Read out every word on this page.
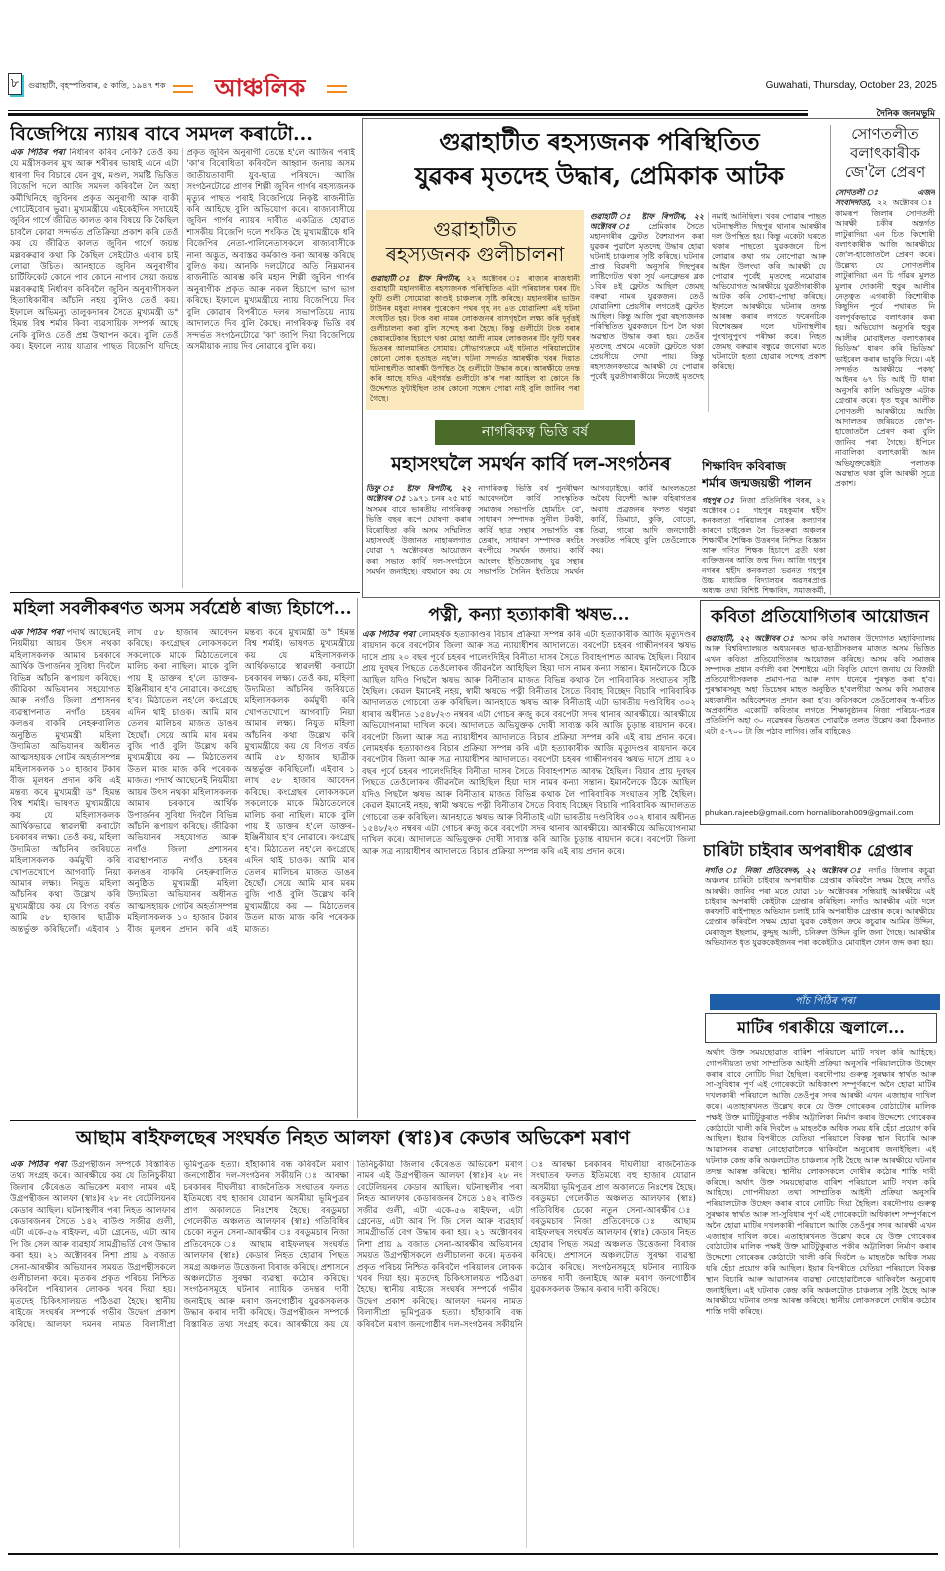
৮	গুৱাহাটী, বৃহস্পতিবাৰ, ৫ কাতি, ১৯৪৭ শক	আঞ্চলিক	Guwahati, Thursday, October 23, 2025
দৈনিক জনমভূমি
বিজেপিয়ে ন্যায়ৰ বাবে সমদল কৰাটো...
এক পিঠিৰ পৰা নিৰ্ধাৰণ কৰিব নেকি? তেওঁ কয় যে মন্ত্ৰীসকলৰ মুখ আৰু শৰীৰৰ ভাষাই এনে এটা ধাৰণা দিব বিচাৰে যেন বুথ, মণ্ডল, সমষ্টি ভিত্তিত বিজেপি দলে আজি সমদল কৰিবলৈ লৈ অহা কৰ্মীখিনিহে জুবিনৰ প্ৰকৃত অনুৰাগী আৰু বাকী গোটেইবোৰ ভুৱা। মুখ্যমন্ত্ৰীয়ে এইকেইদিন সদায়েই জুবিন গাৰ্গে জীৱিত কালত কাৰ বিষয়ে কি কৈছিল চাবলৈ কোৱা সন্দৰ্ভত প্ৰতিক্ৰিয়া প্ৰকাশ কৰি তেওঁ কয় যে জীৱিত কালত জুবিন গাৰ্গে জয়ন্ত মল্লবৰুৱাৰ কথা কি কৈছিল সেইটোও এবাৰ চাই লোৱা উচিত। আনহাতে জুবিন অনুৰাগীৰ চাৰ্টিফিকেট কোনে পাব কোনে নাপাব সেয়া জয়ন্ত মল্লবৰুৱাই নিৰ্ধাৰণ কৰিবলৈ জুবিন অনুৰাগীসকল হিতাধিকাৰীৰ আঁচনি নহয় বুলিও তেওঁ কয়। ইফালে অভিমন্যু তালুকদাৰৰ সৈতে মুখ্যমন্ত্ৰী ড° হিমন্ত বিশ্ব শৰ্মাৰ কিবা ব্যৱসায়িক সম্পৰ্ক আছে নেকি বুলিও তেওঁ প্ৰশ্ন উত্থাপন কৰে। বুলি তেওঁ কয়। ইফালে ন্যায় যাত্ৰাৰ পাছত বিজেপি যদিহে প্ৰকৃত জুবিন অনুৰাগী তেন্তে হ'লে আজিৰ পৰাই 'কা'ৰ বিৰোধিতা কৰিবলৈ আহ্বান জনায় অসম জাতীয়তাবাদী যুব-ছাত্ৰ পৰিষদে। আজি সংগঠনটোৱে প্ৰাণৰ শিল্পী জুবিন গাৰ্গৰ ৰহস্যজনক মৃত্যুৰ পাছত পৰাই বিজেপিয়ে নিকৃষ্ট ৰাজনীতি কৰি আহিছে বুলি অভিযোগ কৰে। ৰাজ্যবাসীয়ে জুবিন গাৰ্গৰ ন্যায়ৰ দাবীত একত্ৰিত হোৱাত শাসকীয় বিজেপি দলে শংকিত হৈ মুখ্যমন্ত্ৰীকে ধৰি বিজেপিৰ নেতা-পালিনেতাসকলে ৰাজ্যবাসীকে নানা অদ্ভুত, অবাস্তৱ কৰ্মকাণ্ড কৰা আৰম্ভ কৰিছে বুলিও কয়। আনকি দলটোৱে অতি নিম্নমানৰ ৰাজনীতি আৰম্ভ কৰি মহান শিল্পী জুবিন গাৰ্গৰ অনুৰাগীক প্ৰকৃত আৰু নকল হিচাপে ভাগ ভাগ কৰিছে। ইফালে মুখ্যমন্ত্ৰীয়ে ন্যায় বিজেপিয়ে দিব বুলি কোৱাৰ বিপৰীতে দলৰ সভাপতিয়ে ন্যায় আদালতে দিব বুলি কৈছে। নাগৰিকত্ব ভিত্তি বৰ্ষ সন্দৰ্ভত সংগঠনটোৱে 'কা' জাপি দিয়া বিজেপিয়ে অসমীয়াক ন্যায় দিব নোৱাৰে বুলি কয়।
গুৱাহাটীত ৰহস্যজনক পৰিস্থিতিত
যুৱকৰ মৃতদেহ উদ্ধাৰ, প্ৰেমিকাক আটক
গুৱাহাটীত
ৰহস্যজনক গুলীচালনা
গুৱাহাটী ঃ ষ্টাফ ৰিপৰ্টাৰ, ২২ অক্টোবৰ ঃ ৰাজ্যৰ ৰাজধানী গুৱাহাটী মহানগৰীত ৰহস্যজনক পৰিস্থিতিত এটা পৰিয়ালৰ ঘৰৰ টিং ফুটি গুলী সোমোৱা কাণ্ডই চাঞ্চল্যৰ সৃষ্টি কৰিছে। মহানগৰীৰ ভাউন টাউনৰ মধুৱা নগৰৰ পুৰেকেণ পথৰ গৃহ নং ৪ত যোৱানিশা এই ঘটনা সংঘটিত হয়। টংক বৰা নামৰ লোকজনৰ বাসগৃহলৈ লক্ষ্য কৰি দুৰ্বৃত্তই গুলীচালনা কৰা বুলি সন্দেহ কৰা হৈছে। কিন্তু গুলীটো টংক বৰাৰ কেয়াৰটেকাৰ হিচাপে থকা মোহা আলী নামৰ লোকজনৰ টিং ফুটি ঘৰৰ ভিতৰৰ আলমাৰিত সোমায়। সৌভাগ্যক্ৰমে এই ঘটনাত পৰিয়ালটোৰ কোনো লোক হতাহত নহ'ল। ঘটনা সন্দৰ্ভত আৰক্ষীক খবৰ দিয়াত ঘটনাস্থলীত আৰক্ষী উপস্থিত হৈ গুলীটো উদ্ধাৰ কৰে। আৰক্ষীয়ে তদন্ত কৰি আছে যদিও এইপৰ্যন্ত গুলীটো ক'ৰ পৰা আহিল বা কোনে কি উদ্দেশ্যত ফুটাইছিল তাৰ কোনো সন্ধেদ পোৱা নাই বুলি জানিব পৰা গৈছে।
গুৱাহাটী ঃ ষ্টাফ ৰিপৰ্টাৰ, ২২ অক্টোবৰ ঃ প্ৰেমিকাৰ সৈতে মহানগৰীৰ ফ্লেটত বৈশযাপন কৰা যুৱকৰ পুৱালৈ মৃতদেহ উদ্ধাৰ হোৱা ঘটনাই চাঞ্চল্যৰ সৃষ্টি কৰিছে। ঘটনাৰ প্ৰাপ্ত বিৱৰণী অনুসৰি দিছপুৰৰ লাষ্টিগেটত থকা সূৰ্য এনক্লেভৰ ব্লক ১বিৰ ৪ই ফ্লেটত আছিল জেমছ বৰুৱা নামৰ যুৱকজন। তেওঁ যোৱানিশা প্ৰেয়সীৰ লগতেই ফ্লেটত আছিল। কিন্তু আজি পুৱা ৰহস্যজনক পৰিস্থিতিত যুৱকজনে চিপ লৈ থকা অৱস্থাত উদ্ধাৰ কৰা হয়। তেওঁৰ মৃতদেহ প্ৰথমে একেটা ফ্লেটতে থকা প্ৰেয়সীয়ে দেখা পায়। কিন্তু ৰহস্যজনকভাৱে আৰক্ষী যে পোৱাৰ পূৰ্বেই যুৱতীগৰাকীয়ে নিজেই মৃতদেহ নমাই আনিছিল। খবৰ পোৱাৰ পাছত ঘটনাস্থলীত দিছপুৰ থানাৰ আৰক্ষীৰ দল উপস্থিত হয়। কিন্তু একেটা ঘৰতে থকাৰ পাছতো যুৱকজনে চিপ লোৱাৰ কথা গম নোপোৱা আৰু আইন উলংঘা কৰি আৰক্ষী যে পোৱাৰ পূৰ্বেই মৃতদেহ নমোৱাৰ অভিযোগত আৰক্ষীয়ে যুৱতীগৰাকীক আটক কৰি সোধা-পোছা কৰিছে। ইফালে আৰক্ষীয়ে ঘটনাৰ তদন্ত আৰম্ভ কৰাৰ লগতে ফৰেনচিক বিশেষজ্ঞৰ দলে ঘটনাস্থলীৰ পুংখানুপুংখ পৰীক্ষা কৰে। নিহত জেমছ বৰুৱাৰ বন্ধুৱে জনোৱা মতে ঘটনাটো হত্যা হোৱাৰ সন্দেহ প্ৰকাশ কৰিছে।
সোণতলীত বলাৎকাৰীক জে'লৈ প্ৰেৰণ
সোণতলী ঃ এজন সংবাদদাতা, ২২ অক্টোবৰ ঃ কামৰূপ জিলাৰ সোণতলী আৰক্ষী চকীৰ অন্তৰ্গত লাটুৰাদিয়া এন চিত কিশোৰী বলাৎকাৰীক আজি আৰক্ষীয়ে জে'ল-হাজোতলৈ প্ৰেৰণ কৰে। উল্লেখ্য যে সোণতলীৰ লাটুৰাদিয়া এন চি গাঁৱৰ মুলত মুলাৰ দোকানী হুবুৰ আলীৰ নেতৃত্বত এগৰাকী কিশোৰীক কিছুদিন পূৰ্বে পথাৰত নি বলপূৰ্বকভাৱে বলাৎকাৰ কৰা হয়। অভিযোগ অনুসৰি হুবুৰ আলীৰ মোবাইলত বলাৎকাৰৰ ভিডিঅ' ধাৰণ কৰি ভিডিঅ' ভাইৰেল কৰাৰ ভাবুকি দিয়ে। এই সন্দৰ্ভত আৰক্ষীয়ে পকছ' আইনৰ ৬৭ ডি আই টি ধাৰা অনুসৰি কালি অভিযুক্ত এটাক গ্ৰেপ্তাৰ কৰে। ধৃত হুবুৰ আলীক সোণতলী আৰক্ষীয়ে আজি আদালতৰ জৰিয়তে জে'ল-হাজোতলৈ প্ৰেৰণ কৰা বুলি জানিব পৰা গৈছে। ইপিনে নাবালিকা বলাৎকাৰী আন অভিযুক্তকেইটা পলাতক অৱস্থাত থকা বুলি আৰক্ষী সূত্ৰে প্ৰকাশ।
নাগৰিকত্ব ভিত্তি বৰ্ষ
মহাসংঘলৈ সমৰ্থন কাৰ্বি দল-সংগঠনৰ
ডিফু ঃ ষ্টাফ ৰিপৰ্টাৰ, ২২ অক্টোবৰ ঃ ১৯৭১ চনৰ ২৫ মাৰ্চ অসমৰ বাবে ভাৰতীয় নাগৰিকত্ব ভিত্তি বছৰ ৰূপে ঘোষণা কৰাৰ বিৰোধিতা কৰি অসম সম্মিলিত মহাসংঘই উজানত নাহাৰলগাত যোৱা ৭ অক্টোবৰত আয়োজন কৰা সভাত কাৰ্বি দল-সংগঠনে সমৰ্থন জনাইছে। বহুমানে কয় যে নাগৰিকত্ব ভিত্তি বৰ্ষ পুনৰীক্ষণ আবেদনলৈ কাৰ্বি সাংস্কৃতিক সমাজৰ সভাপতি হোমচিং বে', সাধাৰণ সম্পাদক সুনীল টকবী, কাৰ্বি ছাত্ৰ সন্থাৰ সভাপতি বঙ্ক তেৰাং, সাধাৰণ সম্পাদক ৰংচিং ৰংপীয়ে সমৰ্থন জনায়। কাৰ্বি আংলং ইণ্ডিজেনাছ যুৱ সন্থাৰ সভাপতি সৈনিন ইংতিয়ে সমৰ্থন আগবঢ়াইছে। কাৰ্বি আংলঙতো অবৈধ বিদেশী আৰু বহিৰাগতৰ অবাধ প্ৰব্ৰজনৰ ফলত থলুৱা কাৰ্বি, ডিমাচা, কুকি, বোড়ো, তিৱা, গাৰো আদি জনগোষ্ঠী সংকটত পৰিছে বুলি তেওঁলোকে কয়।
শিক্ষাবিদ কবিৰাজ
শৰ্মাৰ জন্মজয়ন্তী পালন
গহপুৰ ঃ নিজা প্ৰতিনিধিৰ খবৰ, ২২ অক্টোবৰ ঃ গহপুৰ মহকুমাৰ শ্বহীদ কনকলতা পৰিয়ালৰ লোকৰ কল্যাণৰ কাৰণে চাইকেল লৈ ভিতৰুৱা অঞ্চলৰ শিক্ষাৰ্থীৰ শৈক্ষিক উত্তৰণৰ নিশ্চিত বিজ্ঞান আৰু গণিত শিক্ষক হিচাপে ব্ৰতী থকা ব্যক্তিজনৰ আজি জন্ম দিন। আজি গহপুৰ নগৰৰ শ্বহীদ কনকলতা ভৱনত গহপুৰ উচ্চ মাধ্যমিক বিদ্যালয়ৰ অৱসৰপ্ৰাপ্ত অধ্যক্ষ তথা বিশিষ্ট শিক্ষাবিদ, সমাজকৰ্মী,
কবিতা প্ৰতিযোগিতাৰ আয়োজন
গুৱাহাটী, ২২ অক্টোবৰ ঃ অসম কবি সমাজৰ উদ্যোগত মহাবিদ্যালয় আৰু বিশ্ববিদ্যালয়ত অধ্যয়নৰত ছাত্ৰ-ছাত্ৰীসকলৰ মাজত অসম ভিত্তিত এখন কবিতা প্ৰতিযোগিতাৰ আয়োজন কৰিছে। অসম কবি সমাজৰ সম্পাদক প্ৰধান বৰ্ণালী বৰা শৈশাইয়ে এটা বিবৃতি যোগে জনায় যে বিজয়ী প্ৰতিযোগীসকলক প্ৰমাণ-পত্ৰ আৰু নগদ ধনেৰে পুৰস্কৃত কৰা হ'ব। পুৰস্কাৰসমূহ অহা ডিচেম্বৰ মাহত অনুষ্ঠিত হ'বলগীয়া অসম কবি সমাজৰ মধ্যকালীন অধিবেশনত প্ৰদান কৰা হ'ব। কবিসকলে তেওঁলোকৰ স্ব-ৰচিত অপ্ৰকাশিত একোটি কবিতাৰ লগতে শিক্ষানুষ্ঠানৰ নিজা পৰিচয়-পত্ৰৰ প্ৰতিলিপি অহা ৩০ নৱেম্বৰৰ ভিতৰত পোৱাকৈ তলত উল্লেখ কৰা ঠিকনাত এটা ৫-৭০০ টা জি পঠাব লাগিব। তাঁৰ বাহিৰেও
phukan.rajeeb@gmail.com hornaliborah009@gmail.com
চাৰিটা চাইবাৰ অপৰাধীক গ্ৰেপ্তাৰ
নগাঁও ঃ নিজা প্ৰতিবেদক, ২২ অক্টোবৰ ঃ নগাঁও জিলাৰ কচুৱা অঞ্চলৰ চাৰিটা চাইবাৰ অপৰাধীক গ্ৰেপ্তাৰ কৰিবলৈ সক্ষম হৈছে নগাঁও আৰক্ষী। জানিব পৰা মতে যোৱা ১৮ অক্টোবৰৰ সন্ধিয়াই আৰক্ষীয়ে এই চাইবাৰ অপৰাধী কেইটাক গ্ৰেপ্তাৰ কৰিছিল। নগাঁও আৰক্ষীৰ এটা দলে কৰফাটি ৰাইপাছত অভিযান চলাই চাৰি অপৰাধীক গ্ৰেপ্তাৰ কৰে। আৰক্ষীয়ে গ্ৰেপ্তাৰ কৰিবলৈ সক্ষম হোৱা যুৱক কেইজন ক্ৰমে কচুৱাৰ আমিৰ উদ্দিন, মেৰাজুল ইছলাম, কুদ্দুছ আলী, চনিৰুল উদ্দিন বুলি জনা গৈছে। আৰক্ষীৰ অভিযানত ধৃত যুৱককেইজনৰ পৰা ককেইটাও মোবাইল ফোন জব্দ কৰা হয়।
পাঁচ পিঠিৰ পৰা
মাটিৰ গৰাকীয়ে জ্বলালে...
অৰ্থাৎ উক্ত সময়ছোৱাত বাৰিশ পৰিয়ালে মাটি দখল কৰি আহিছে। গোপনীয়তা তথা সাম্প্ৰতিক আইনী প্ৰক্ৰিয়া অনুসৰি পৰিয়ালটোক উচ্ছেদ কৰাৰ বাবে নোটিচ দিয়া হৈছিল। বৰদৌপায় গুৰুত্ব সুৰক্ষাৰ স্বাৰ্থত আৰু সা-সুবিধাৰ পূৰ্ণ এই গোৰেকটো অধিকাংশ সম্পূৰ্ণৰূপে অনৈ হোৱা মাটিৰ দখলকাৰী পৰিয়ালে আজি তেওঁপুৰ সদৰ আৰক্ষী এখন এজাহাৰ দাখিল কৰে। এতাহাৰখনত উল্লেখ কৰে যে উক্ত গোৰেকৰ বোঠাটোৰ মালিক পক্ষই উক্ত মাটিটুকুৰাত পকীৰ অট্টালিকা নিৰ্মাণ কৰাৰ উদ্দেশ্যে গোৰেকৰ কোঠাটো খালী কৰি দিবলৈ ৬ মাহতকৈ অধিক সময় ধৰি হেঁচা প্ৰয়োগ কৰি আছিল। ইয়াৰ বিপৰীতে যেতিয়া পৰিয়ালে বিকল্প স্থান বিচাৰি আৰু আৱাসনৰ ব্যৱস্থা নোহোৱালৈকে থাকিবলৈ অনুৰোধ জনাইছিল। এই ঘটনাক কেন্দ্ৰ কৰি অঞ্চলটোত চাঞ্চল্যৰ সৃষ্টি হৈছে আৰু আৰক্ষীয়ে ঘটনাৰ তদন্ত আৰম্ভ কৰিছে। স্থানীয় লোকসকলে দোষীৰ কঠোৰ শাস্তি দাবী কৰিছে। অৰ্থাৎ উক্ত সময়ছোৱাত বাৰিশ পৰিয়ালে মাটি দখল কৰি আহিছে। গোপনীয়তা তথা সাম্প্ৰতিক আইনী প্ৰক্ৰিয়া অনুসৰি পৰিয়ালটোক উচ্ছেদ কৰাৰ বাবে নোটিচ দিয়া হৈছিল। বৰদৌপায় গুৰুত্ব সুৰক্ষাৰ স্বাৰ্থত আৰু সা-সুবিধাৰ পূৰ্ণ এই গোৰেকটো অধিকাংশ সম্পূৰ্ণৰূপে অনৈ হোৱা মাটিৰ দখলকাৰী পৰিয়ালে আজি তেওঁপুৰ সদৰ আৰক্ষী এখন এজাহাৰ দাখিল কৰে। এতাহাৰখনত উল্লেখ কৰে যে উক্ত গোৰেকৰ বোঠাটোৰ মালিক পক্ষই উক্ত মাটিটুকুৰাত পকীৰ অট্টালিকা নিৰ্মাণ কৰাৰ উদ্দেশ্যে গোৰেকৰ কোঠাটো খালী কৰি দিবলৈ ৬ মাহতকৈ অধিক সময় ধৰি হেঁচা প্ৰয়োগ কৰি আছিল। ইয়াৰ বিপৰীতে যেতিয়া পৰিয়ালে বিকল্প স্থান বিচাৰি আৰু আৱাসনৰ ব্যৱস্থা নোহোৱালৈকে থাকিবলৈ অনুৰোধ জনাইছিল। এই ঘটনাক কেন্দ্ৰ কৰি অঞ্চলটোত চাঞ্চল্যৰ সৃষ্টি হৈছে আৰু আৰক্ষীয়ে ঘটনাৰ তদন্ত আৰম্ভ কৰিছে। স্থানীয় লোকসকলে দোষীৰ কঠোৰ শাস্তি দাবী কৰিছে।
মহিলা সবলীকৰণত অসম সৰ্বশ্ৰেষ্ঠ ৰাজ্য হিচাপে...
এক পিঠিৰ পৰা পদাৰ্থ আছেনেই নিয়মীয়া আয়ৰ উৎস নথকা মহিলাসকলক আমাৰ চৰকাৰে আৰ্থিক উপাৰ্জনৰ সুবিধা দিবলৈ বিভিন্ন আঁচনি ৰূপায়ণ কৰিছে। জীৱিকা অভিযানৰ সহযোগত আৰু নগাঁও জিলা প্ৰশাসনৰ ব্যৱস্থাপনাত নগাঁও চহৰৰ কলঙৰ বাকৰি নেহৰুবালিত অনুষ্ঠিত মুখ্যমন্ত্ৰী মহিলা উদ্যমিতা অভিযানৰ অধীনত আত্মসহায়ক গোটৰ অহৰ্তাসম্পন্ন মহিলাসকলক ১০ হাজাৰ টকাৰ বীজ মূলধন প্ৰদান কৰি এই মন্তব্য কৰে মুখ্যমন্ত্ৰী ড° হিমন্ত বিশ্ব শৰ্মাই। ভাষণত মুখ্যমন্ত্ৰীয়ে কয় যে মহিলাসকলক আৰ্থিকভাৱে স্বাৱলম্বী কৰাটো চৰকাৰৰ লক্ষ্য। তেওঁ কয়, মহিলা উদ্যমিতা আঁচনিৰ জৰিয়তে মহিলাসকলক কৰ্মমুখী কৰি খোপতখোপে আগবাঢ়ি নিয়া আমাৰ লক্ষ্য। নিযুত মহিলা আঁচনিৰ কথা উল্লেখ কৰি মুখ্যমন্ত্ৰীয়ে কয় যে বিগত বৰ্ষত আমি ৫৮ হাজাৰ ছাত্ৰীক অন্তৰ্ভুক্ত কৰিছিলোঁ। এইবাৰ ১ লাখ ৫৮ হাজাৰ আবেদন কৰিছে। কংগ্ৰেছৰ লোকসকলে সকলোকে মাকে মিঠাতেলেৰে মালিচ কৰা নাছিল। মাকে বুলি পায় ই ডাক্তৰ হ'লে ডাক্তৰ-ইঞ্জিনীয়াৰ হ'ব নোৱাৰে। কংগ্ৰেছ হ'ব। মিঠাতেল নহ'লে কংগ্ৰেছে এদিন থাই চাওক। আমি মাৰ তেলৰ মালিচৰ মাজত ডাঙৰ হৈছোঁ। সেয়ে আমি মাৰ মৰম বুজি পাওঁ বুলি উল্লেখ কৰি মুখ্যমন্ত্ৰীয়ে কয় — মিঠাতেলৰ উতল মাজ মাজ কৰি পৰেকক মাজত। পদাৰ্থ আছেনেই নিয়মীয়া আয়ৰ উৎস নথকা মহিলাসকলক আমাৰ চৰকাৰে আৰ্থিক উপাৰ্জনৰ সুবিধা দিবলৈ বিভিন্ন আঁচনি ৰূপায়ণ কৰিছে। জীৱিকা অভিযানৰ সহযোগত আৰু নগাঁও জিলা প্ৰশাসনৰ ব্যৱস্থাপনাত নগাঁও চহৰৰ কলঙৰ বাকৰি নেহৰুবালিত অনুষ্ঠিত মুখ্যমন্ত্ৰী মহিলা উদ্যমিতা অভিযানৰ অধীনত আত্মসহায়ক গোটৰ অহৰ্তাসম্পন্ন মহিলাসকলক ১০ হাজাৰ টকাৰ বীজ মূলধন প্ৰদান কৰি এই মন্তব্য কৰে মুখ্যমন্ত্ৰী ড° হিমন্ত বিশ্ব শৰ্মাই। ভাষণত মুখ্যমন্ত্ৰীয়ে কয় যে মহিলাসকলক আৰ্থিকভাৱে স্বাৱলম্বী কৰাটো চৰকাৰৰ লক্ষ্য। তেওঁ কয়, মহিলা উদ্যমিতা আঁচনিৰ জৰিয়তে মহিলাসকলক কৰ্মমুখী কৰি খোপতখোপে আগবাঢ়ি নিয়া আমাৰ লক্ষ্য। নিযুত মহিলা আঁচনিৰ কথা উল্লেখ কৰি মুখ্যমন্ত্ৰীয়ে কয় যে বিগত বৰ্ষত আমি ৫৮ হাজাৰ ছাত্ৰীক অন্তৰ্ভুক্ত কৰিছিলোঁ। এইবাৰ ১ লাখ ৫৮ হাজাৰ আবেদন কৰিছে। কংগ্ৰেছৰ লোকসকলে সকলোকে মাকে মিঠাতেলেৰে মালিচ কৰা নাছিল। মাকে বুলি পায় ই ডাক্তৰ হ'লে ডাক্তৰ-ইঞ্জিনীয়াৰ হ'ব নোৱাৰে। কংগ্ৰেছ হ'ব। মিঠাতেল নহ'লে কংগ্ৰেছে এদিন থাই চাওক। আমি মাৰ তেলৰ মালিচৰ মাজত ডাঙৰ হৈছোঁ। সেয়ে আমি মাৰ মৰম বুজি পাওঁ বুলি উল্লেখ কৰি মুখ্যমন্ত্ৰীয়ে কয় — মিঠাতেলৰ উতল মাজ মাজ কৰি পৰেকক মাজত।
পত্নী, কন্যা হত্যাকাৰী ঋষভ...
এক পিঠিৰ পৰা লোমহৰ্ষক হত্যাকাণ্ডৰ বিচাৰ প্ৰক্ৰিয়া সম্পন্ন কৰি এটা হত্যাকাৰীক আজি মৃত্যুদণ্ডৰ ৰায়দান কৰে বৰপেটাৰ জিলা আৰু সত্ৰ ন্যায়াধীশৰ আদালতে। বৰপেটা চহৰৰ গান্ধীনগৰৰ ঋষভ দাসে প্ৰায় ২০ বছৰ পূৰ্বে চহৰৰ পালেংদিহিৰ বিনীতা দাসৰ সৈতে বিবাহপাশত আবদ্ধ হৈছিল। বিয়াৰ প্ৰায় দুবছৰ পিছতে তেওঁলোকৰ জীৱনলৈ আহিছিল হিয়া দাস নামৰ কন্যা সন্তান। ইমানলৈকে ঠিকে আছিল যদিও পিছলৈ ঋষভ আৰু বিনীতাৰ মাজত বিভিন্ন কথাক লৈ পাৰিবাৰিক সংঘাতৰ সৃষ্টি হৈছিল। কেৱল ইমানেই নহয়, স্বামী ঋষভে পত্নী বিনীতাৰ সৈতে বিবাহ বিচ্ছেদ বিচাৰি পাৰিবাৰিক আদালতত গোচৰো তৰু কৰিছিল। আনহাতে ঋষভ আৰু বিনীতাই এটা ভাৰতীয় দণ্ডবিধিৰ ৩০২ ধাৰাৰ অধীনত ১৫৪৮/২৩ নম্বৰৰ এটা গোচৰ ৰুজু কৰে বৰপেটা সদৰ থানাৰ আৰক্ষীয়ে। আৰক্ষীয়ে অভিযোগনামা দাখিল কৰে। আদালতে অভিযুক্তক দোষী সাব্যস্ত কৰি আজি চূড়ান্ত ৰায়দান কৰে। বৰপেটা জিলা আৰু সত্ৰ ন্যায়াধীশৰ আদালতে বিচাৰ প্ৰক্ৰিয়া সম্পন্ন কৰি এই ৰায় প্ৰদান কৰে। লোমহৰ্ষক হত্যাকাণ্ডৰ বিচাৰ প্ৰক্ৰিয়া সম্পন্ন কৰি এটা হত্যাকাৰীক আজি মৃত্যুদণ্ডৰ ৰায়দান কৰে বৰপেটাৰ জিলা আৰু সত্ৰ ন্যায়াধীশৰ আদালতে। বৰপেটা চহৰৰ গান্ধীনগৰৰ ঋষভ দাসে প্ৰায় ২০ বছৰ পূৰ্বে চহৰৰ পালেংদিহিৰ বিনীতা দাসৰ সৈতে বিবাহপাশত আবদ্ধ হৈছিল। বিয়াৰ প্ৰায় দুবছৰ পিছতে তেওঁলোকৰ জীৱনলৈ আহিছিল হিয়া দাস নামৰ কন্যা সন্তান। ইমানলৈকে ঠিকে আছিল যদিও পিছলৈ ঋষভ আৰু বিনীতাৰ মাজত বিভিন্ন কথাক লৈ পাৰিবাৰিক সংঘাতৰ সৃষ্টি হৈছিল। কেৱল ইমানেই নহয়, স্বামী ঋষভে পত্নী বিনীতাৰ সৈতে বিবাহ বিচ্ছেদ বিচাৰি পাৰিবাৰিক আদালতত গোচৰো তৰু কৰিছিল। আনহাতে ঋষভ আৰু বিনীতাই এটা ভাৰতীয় দণ্ডবিধিৰ ৩০২ ধাৰাৰ অধীনত ১৫৪৮/২৩ নম্বৰৰ এটা গোচৰ ৰুজু কৰে বৰপেটা সদৰ থানাৰ আৰক্ষীয়ে। আৰক্ষীয়ে অভিযোগনামা দাখিল কৰে। আদালতে অভিযুক্তক দোষী সাব্যস্ত কৰি আজি চূড়ান্ত ৰায়দান কৰে। বৰপেটা জিলা আৰু সত্ৰ ন্যায়াধীশৰ আদালতে বিচাৰ প্ৰক্ৰিয়া সম্পন্ন কৰি এই ৰায় প্ৰদান কৰে।
আছাম ৰাইফলছেৰ সংঘৰ্ষত নিহত আলফা (স্বাঃ)ৰ কেডাৰ অভিকেশ মৰাণ
এক পিঠিৰ পৰা উগ্ৰপন্থীজন সম্পৰ্কে বিস্তাৰিত তথ্য সংগ্ৰহ কৰে। আৰক্ষীয়ে কয় যে তিনিচুকীয়া জিলাৰ কেঁৰেঙত অভিকেশ মৰাণ নামৰ এই উগ্ৰপন্থীজন আলফা (স্বাঃ)ৰ ২৮ নং বেটেলিয়নৰ কেডাৰ আছিল। ঘটনাস্থলীৰ পৰা নিহত আলফাৰ কেডাৰজনৰ সৈতে ১৪২ ৰাউণ্ড সজীৱ গুলী, এটা একে-৫৬ ৰাইফল, এটা গ্ৰেনেড, এটা আৰ পি জি সেল আৰু ব্যৱহাৰ্য সামগ্ৰীভৰ্তি বেগ উদ্ধাৰ কৰা হয়। ২১ অক্টোবৰৰ নিশা প্ৰায় ৯ বজাত সেনা-আৰক্ষীৰ অভিযানৰ সময়ত উগ্ৰপন্থীসকলে গুলীচালনা কৰে। মৃতকৰ প্ৰকৃত পৰিচয় নিশ্চিত কৰিবলৈ পৰিয়ালৰ লোকক খবৰ দিয়া হয়। মৃতদেহ চিকিৎসালয়ত পঠিওৱা হৈছে। স্থানীয় ৰাইজে সংঘৰ্ষৰ সম্পৰ্কে গভীৰ উদ্বেগ প্ৰকাশ কৰিছে। আলফা দমনৰ নামত বিলাসীপ্ৰা ভূমিপুত্ৰক হত্যা। হাঁহাকাৰি বন্ধ কৰিবলৈ মৰাণ জনগোষ্ঠীৰ দল-সংগঠনৰ সকীয়নি ঃ আৰক্ষা চৰকাৰৰ দীঘলীয়া ৰাজনৈতিক সংঘাতৰ ফলত ইতিমধ্যে বহু হাজাৰ যোৱান অসমীয়া ভূমিপুত্ৰৰ প্ৰাণ অকালতে নিঃশেষ হৈছে। বৰডুমচা গেলেকীত অঞ্চলত আলফাৰ (স্বাঃ) গতিবিধিৰ চেকো নতুন সেনা-আৰক্ষীৰ ঃ বৰডুমচাৰ নিজা প্ৰতিবেদকে ঃ আছাম ৰাইফলছৰ সংঘৰ্ষত আলফাৰ (স্বাঃ) কেডাৰ নিহত হোৱাৰ পিছত সমগ্ৰ অঞ্চলত উত্তেজনা বিৰাজ কৰিছে। প্ৰশাসনে অঞ্চলটোত সুৰক্ষা ব্যৱস্থা কঠোৰ কৰিছে। সংগঠনসমূহে ঘটনাৰ ন্যায়িক তদন্তৰ দাবী জনাইছে আৰু মৰাণ জনগোষ্ঠীৰ যুৱকসকলক উদ্ধাৰ কৰাৰ দাবী কৰিছে। উগ্ৰপন্থীজন সম্পৰ্কে বিস্তাৰিত তথ্য সংগ্ৰহ কৰে। আৰক্ষীয়ে কয় যে তিনিচুকীয়া জিলাৰ কেঁৰেঙত অভিকেশ মৰাণ নামৰ এই উগ্ৰপন্থীজন আলফা (স্বাঃ)ৰ ২৮ নং বেটেলিয়নৰ কেডাৰ আছিল। ঘটনাস্থলীৰ পৰা নিহত আলফাৰ কেডাৰজনৰ সৈতে ১৪২ ৰাউণ্ড সজীৱ গুলী, এটা একে-৫৬ ৰাইফল, এটা গ্ৰেনেড, এটা আৰ পি জি সেল আৰু ব্যৱহাৰ্য সামগ্ৰীভৰ্তি বেগ উদ্ধাৰ কৰা হয়। ২১ অক্টোবৰৰ নিশা প্ৰায় ৯ বজাত সেনা-আৰক্ষীৰ অভিযানৰ সময়ত উগ্ৰপন্থীসকলে গুলীচালনা কৰে। মৃতকৰ প্ৰকৃত পৰিচয় নিশ্চিত কৰিবলৈ পৰিয়ালৰ লোকক খবৰ দিয়া হয়। মৃতদেহ চিকিৎসালয়ত পঠিওৱা হৈছে। স্থানীয় ৰাইজে সংঘৰ্ষৰ সম্পৰ্কে গভীৰ উদ্বেগ প্ৰকাশ কৰিছে। আলফা দমনৰ নামত বিলাসীপ্ৰা ভূমিপুত্ৰক হত্যা। হাঁহাকাৰি বন্ধ কৰিবলৈ মৰাণ জনগোষ্ঠীৰ দল-সংগঠনৰ সকীয়নি ঃ আৰক্ষা চৰকাৰৰ দীঘলীয়া ৰাজনৈতিক সংঘাতৰ ফলত ইতিমধ্যে বহু হাজাৰ যোৱান অসমীয়া ভূমিপুত্ৰৰ প্ৰাণ অকালতে নিঃশেষ হৈছে। বৰডুমচা গেলেকীত অঞ্চলত আলফাৰ (স্বাঃ) গতিবিধিৰ চেকো নতুন সেনা-আৰক্ষীৰ ঃ বৰডুমচাৰ নিজা প্ৰতিবেদকে ঃ আছাম ৰাইফলছৰ সংঘৰ্ষত আলফাৰ (স্বাঃ) কেডাৰ নিহত হোৱাৰ পিছত সমগ্ৰ অঞ্চলত উত্তেজনা বিৰাজ কৰিছে। প্ৰশাসনে অঞ্চলটোত সুৰক্ষা ব্যৱস্থা কঠোৰ কৰিছে। সংগঠনসমূহে ঘটনাৰ ন্যায়িক তদন্তৰ দাবী জনাইছে আৰু মৰাণ জনগোষ্ঠীৰ যুৱকসকলক উদ্ধাৰ কৰাৰ দাবী কৰিছে।
